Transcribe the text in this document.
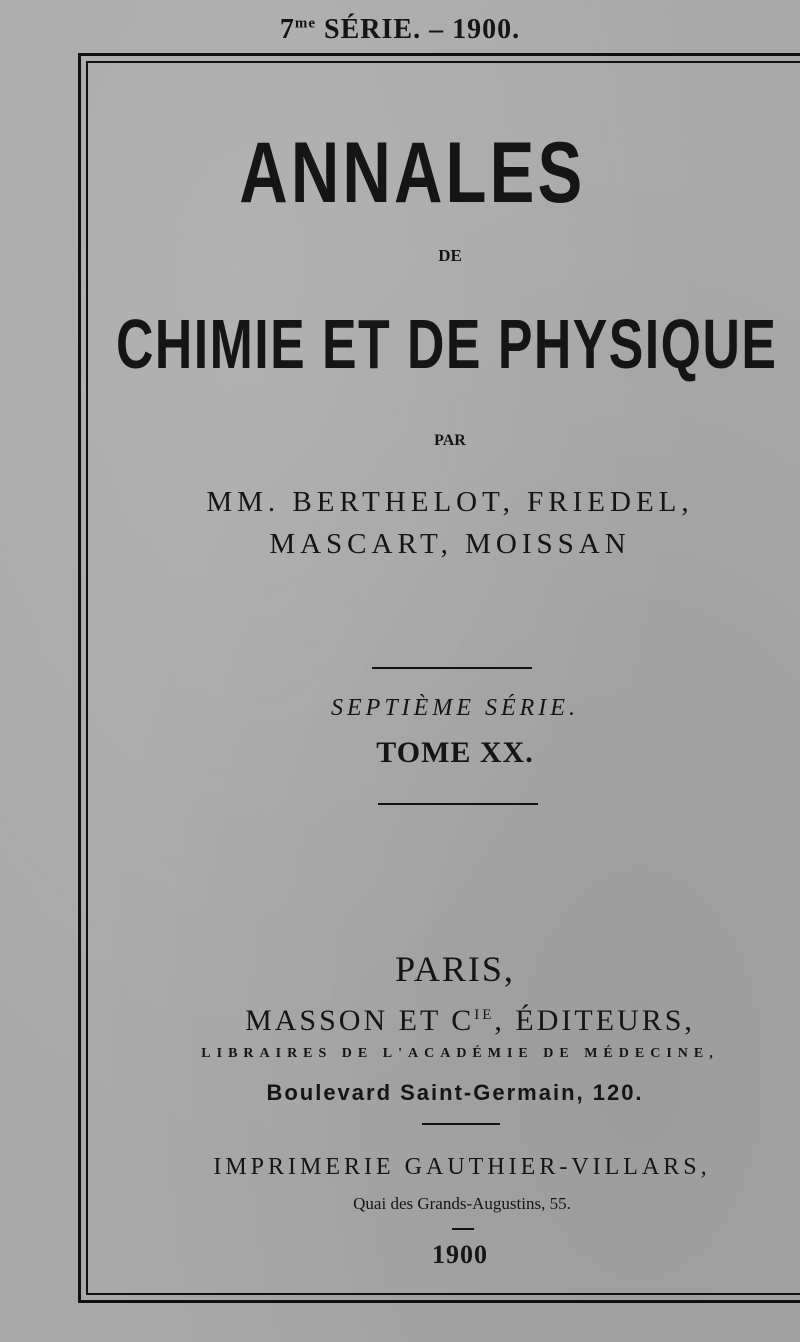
$7^{me}$ SÉRIE. – 1900.
ANNALES
DE
CHIMIE ET DE PHYSIQUE
PAR
MM. BERTHELOT, FRIEDEL,
MASCART, MOISSAN
SEPTIÈME SÉRIE.
TOME XX.
PARIS,
MASSON ET $C^{IE}$, ÉDITEURS,
LIBRAIRES DE L'ACADÉMIE DE MÉDECINE,
Boulevard Saint-Germain, 120.
IMPRIMERIE GAUTHIER-VILLARS,
Quai des Grands-Augustins, 55.
1900
